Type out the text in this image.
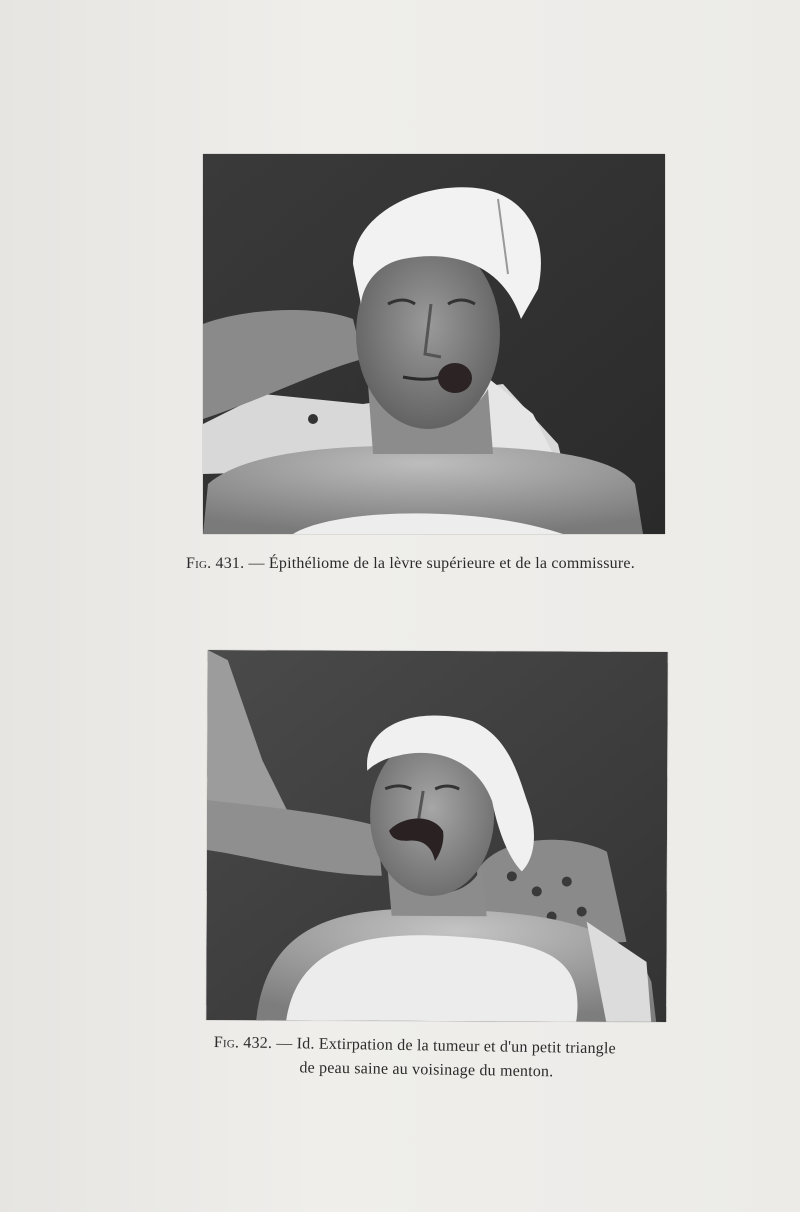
Fig. 431. — Épithéliome de la lèvre supérieure et de la commissure.
Fig. 432. — Id. Extirpation de la tumeur et d'un petit triangle
de peau saine au voisinage du menton.
